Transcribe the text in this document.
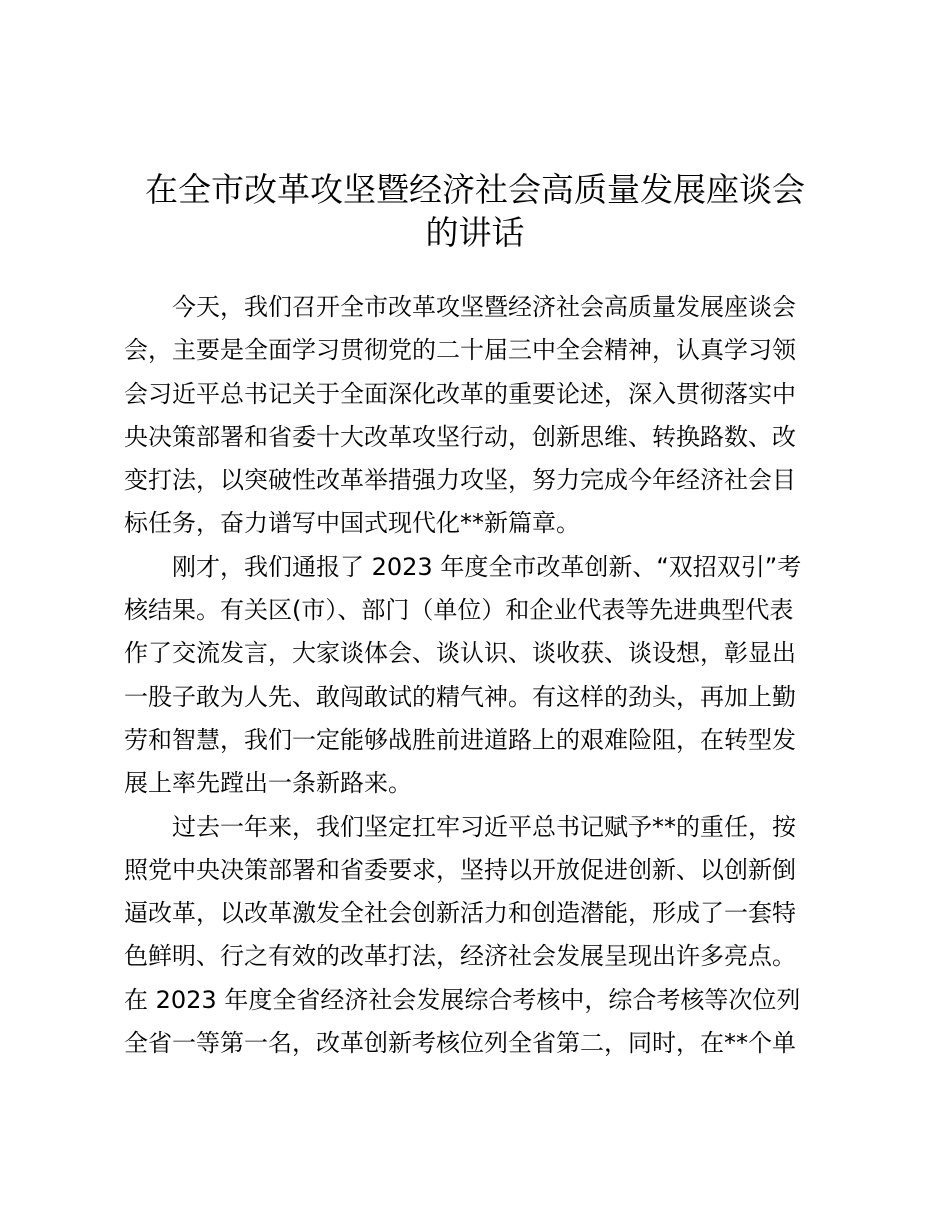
在全市改革攻坚暨经济社会高质量发展座谈会
的讲话

今天，我们召开全市改革攻坚暨经济社会高质量发展座谈会
会，主要是全面学习贯彻党的二十届三中全会精神，认真学习领
会习近平总书记关于全面深化改革的重要论述，深入贯彻落实中
央决策部署和省委十大改革攻坚行动，创新思维、转换路数、改
变打法，以突破性改革举措强力攻坚，努力完成今年经济社会目
标任务，奋力谱写中国式现代化**新篇章。

刚才，我们通报了 2023 年度全市改革创新、“双招双引”考
核结果。有关区(市）、部门（单位）和企业代表等先进典型代表
作了交流发言，大家谈体会、谈认识、谈收获、谈设想，彰显出
一股子敢为人先、敢闯敢试的精气神。有这样的劲头，再加上勤
劳和智慧，我们一定能够战胜前进道路上的艰难险阻，在转型发
展上率先蹚出一条新路来。

过去一年来，我们坚定扛牢习近平总书记赋予**的重任，按
照党中央决策部署和省委要求，坚持以开放促进创新、以创新倒
逼改革，以改革激发全社会创新活力和创造潜能，形成了一套特
色鲜明、行之有效的改革打法，经济社会发展呈现出许多亮点。
在 2023 年度全省经济社会发展综合考核中，综合考核等次位列
全省一等第一名，改革创新考核位列全省第二，同时，在**个单
